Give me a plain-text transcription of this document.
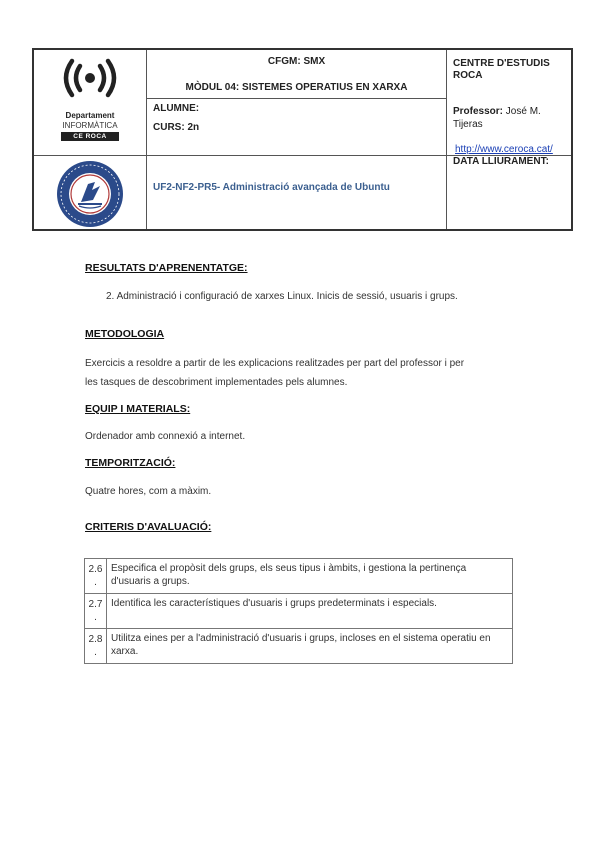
Departament
INFORMÀTICA
CE ROCA
CFGM: SMX
MÒDUL 04: SISTEMES OPERATIUS EN XARXA
ALUMNE:
CURS: 2n
UF2-NF2-PR5- Administració avançada de Ubuntu
CENTRE D'ESTUDIS ROCA
Professor: José M. Tijeras
http://www.ceroca.cat/
DATA LLIURAMENT:
RESULTATS D'APRENENTATGE:
2. Administració i configuració de xarxes Linux. Inicis de sessió, usuaris i grups.
METODOLOGIA
Exercicis a resoldre a partir de les explicacions realitzades per part del professor i per
les tasques de descobriment implementades pels alumnes.
EQUIP I MATERIALS:
Ordenador amb connexió a internet.
TEMPORITZACIÓ:
Quatre hores, com a màxim.
CRITERIS D'AVALUACIÓ:
2.6
.	Especifica el propòsit dels grups, els seus tipus i àmbits, i gestiona la pertinença d'usuaris a grups.
2.7
.	Identifica les característiques d'usuaris i grups predeterminats i especials.
2.8
.	Utilitza eines per a l'administració d'usuaris i grups, incloses en el sistema operatiu en xarxa.
